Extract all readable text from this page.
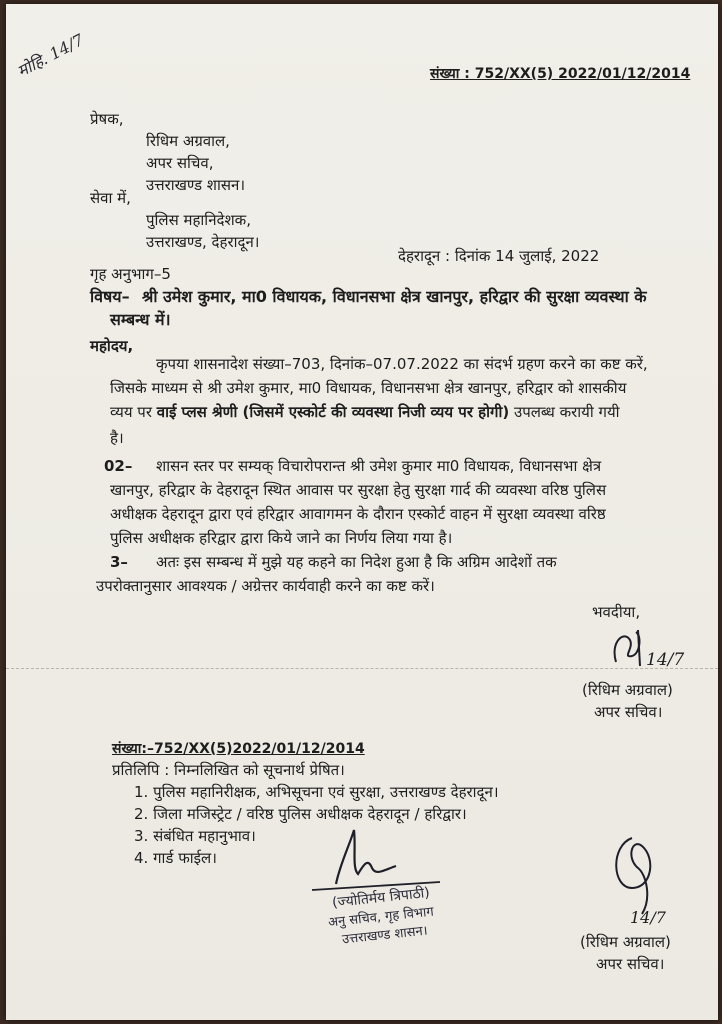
मोहि. 14/7	संख्या : 752/XX(5) 2022/01/12/2014
प्रेषक,
रिधिम अग्रवाल,
अपर सचिव,
उत्तराखण्ड शासन।
सेवा में,
पुलिस महानिदेशक,
उत्तराखण्ड, देहरादून।
देहरादून : दिनांक 14 जुलाई, 2022
गृह अनुभाग–5
विषय– श्री उमेश कुमार, मा0 विधायक, विधानसभा क्षेत्र खानपुर, हरिद्वार की सुरक्षा व्यवस्था के
सम्बन्ध में।
महोदय,
कृपया शासनादेश संख्या–703, दिनांक–07.07.2022 का संदर्भ ग्रहण करने का कष्ट करें,
जिसके माध्यम से श्री उमेश कुमार, मा0 विधायक, विधानसभा क्षेत्र खानपुर, हरिद्वार को शासकीय
व्यय पर वाई प्लस श्रेणी (जिसमें एस्कोर्ट की व्यवस्था निजी व्यय पर होगी) उपलब्ध करायी गयी
है।
02– शासन स्तर पर सम्यक् विचारोपरान्त श्री उमेश कुमार मा0 विधायक, विधानसभा क्षेत्र
खानपुर, हरिद्वार के देहरादून स्थित आवास पर सुरक्षा हेतु सुरक्षा गार्द की व्यवस्था वरिष्ठ पुलिस
अधीक्षक देहरादून द्वारा एवं हरिद्वार आवागमन के दौरान एस्कोर्ट वाहन में सुरक्षा व्यवस्था वरिष्ठ
पुलिस अधीक्षक हरिद्वार द्वारा किये जाने का निर्णय लिया गया है।
3– अतः इस सम्बन्ध में मुझे यह कहने का निदेश हुआ है कि अग्रिम आदेशों तक
उपरोक्तानुसार आवश्यक / अग्रेत्तर कार्यवाही करने का कष्ट करें।
भवदीया,
14/7
(रिधिम अग्रवाल)
अपर सचिव।
संख्या:–752/XX(5)2022/01/12/2014
प्रतिलिपि : निम्नलिखित को सूचनार्थ प्रेषित।
1. पुलिस महानिरीक्षक, अभिसूचना एवं सुरक्षा, उत्तराखण्ड देहरादून।
2. जिला मजिस्ट्रेट / वरिष्ठ पुलिस अधीक्षक देहरादून / हरिद्वार।
3. संबंधित महानुभाव।
4. गार्ड फाईल।
(ज्योतिर्मय त्रिपाठी)
अनु सचिव, गृह विभाग
उत्तराखण्ड शासन।
14/7
(रिधिम अग्रवाल)
अपर सचिव।
